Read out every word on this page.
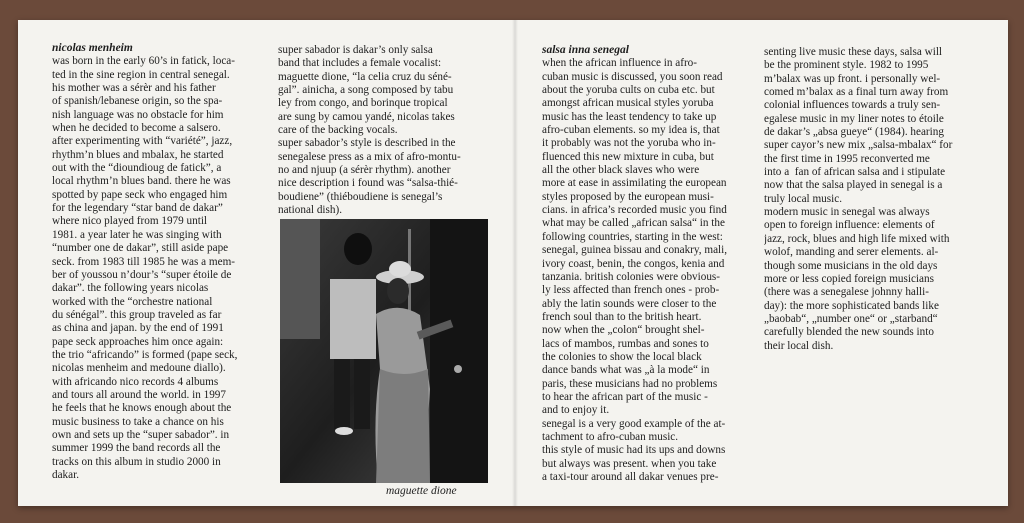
nicolas menheim
was born in the early 60’s in fatick, loca-
ted in the sine region in central senegal.
his mother was a sérèr and his father
of spanish/lebanese origin, so the spa-
nish language was no obstacle for him
when he decided to become a salsero.
after experimenting with “variété”, jazz,
rhythm’n blues and mbalax, he started
out with the “dioundioug de fatick”, a
local rhythm’n blues band. there he was
spotted by pape seck who engaged him
for the legendary “star band de dakar”
where nico played from 1979 until
1981. a year later he was singing with
“number one de dakar”, still aside pape
seck. from 1983 till 1985 he was a mem-
ber of youssou n’dour’s “super étoile de
dakar”. the following years nicolas
worked with the “orchestre national
du sénégal”. this group traveled as far
as china and japan. by the end of 1991
pape seck approaches him once again:
the trio “africando” is formed (pape seck,
nicolas menheim and medoune diallo).
with africando nico records 4 albums
and tours all around the world. in 1997
he feels that he knows enough about the
music business to take a chance on his
own and sets up the “super sabador”. in
summer 1999 the band records all the
tracks on this album in studio 2000 in
dakar.
super sabador is dakar’s only salsa
band that includes a female vocalist:
maguette dione, “la celia cruz du séné-
gal”. ainicha, a song composed by tabu
ley from congo, and borinque tropical
are sung by camou yandé, nicolas takes
care of the backing vocals.
super sabador’s style is described in the
senegalese press as a mix of afro-montu-
no and njuup (a sérèr rhythm). another
nice description i found was “salsa-thié-
boudiene” (thiéboudiene is senegal’s
national dish).
maguette dione
salsa inna senegal
when the african influence in afro-
cuban music is discussed, you soon read
about the yoruba cults on cuba etc. but
amongst african musical styles yoruba
music has the least tendency to take up
afro-cuban elements. so my idea is, that
it probably was not the yoruba who in-
fluenced this new mixture in cuba, but
all the other black slaves who were
more at ease in assimilating the european
styles proposed by the european musi-
cians. in africa’s recorded music you find
what may be called „african salsa“ in the
following countries, starting in the west:
senegal, guinea bissau and conakry, mali,
ivory coast, benin, the congos, kenia and
tanzania. british colonies were obvious-
ly less affected than french ones - prob-
ably the latin sounds were closer to the
french soul than to the british heart.
now when the „colon“ brought shel-
lacs of mambos, rumbas and sones to
the colonies to show the local black
dance bands what was „à la mode“ in
paris, these musicians had no problems
to hear the african part of the music -
and to enjoy it.
senegal is a very good example of the at-
tachment to afro-cuban music.
this style of music had its ups and downs
but always was present. when you take
a taxi-tour around all dakar venues pre-
senting live music these days, salsa will
be the prominent style. 1982 to 1995
m’balax was up front. i personally wel-
comed m’balax as a final turn away from
colonial influences towards a truly sen-
egalese music in my liner notes to étoile
de dakar’s „absa gueye“ (1984). hearing
super cayor’s new mix „salsa-mbalax“ for
the first time in 1995 reconverted me
into a  fan of african salsa and i stipulate
now that the salsa played in senegal is a
truly local music.
modern music in senegal was always
open to foreign influence: elements of
jazz, rock, blues and high life mixed with
wolof, manding and serer elements. al-
though some musicians in the old days
more or less copied foreign musicians
(there was a senegalese johnny halli-
day): the more sophisticated bands like
„baobab“, „number one“ or „starband“
carefully blended the new sounds into
their local dish.
